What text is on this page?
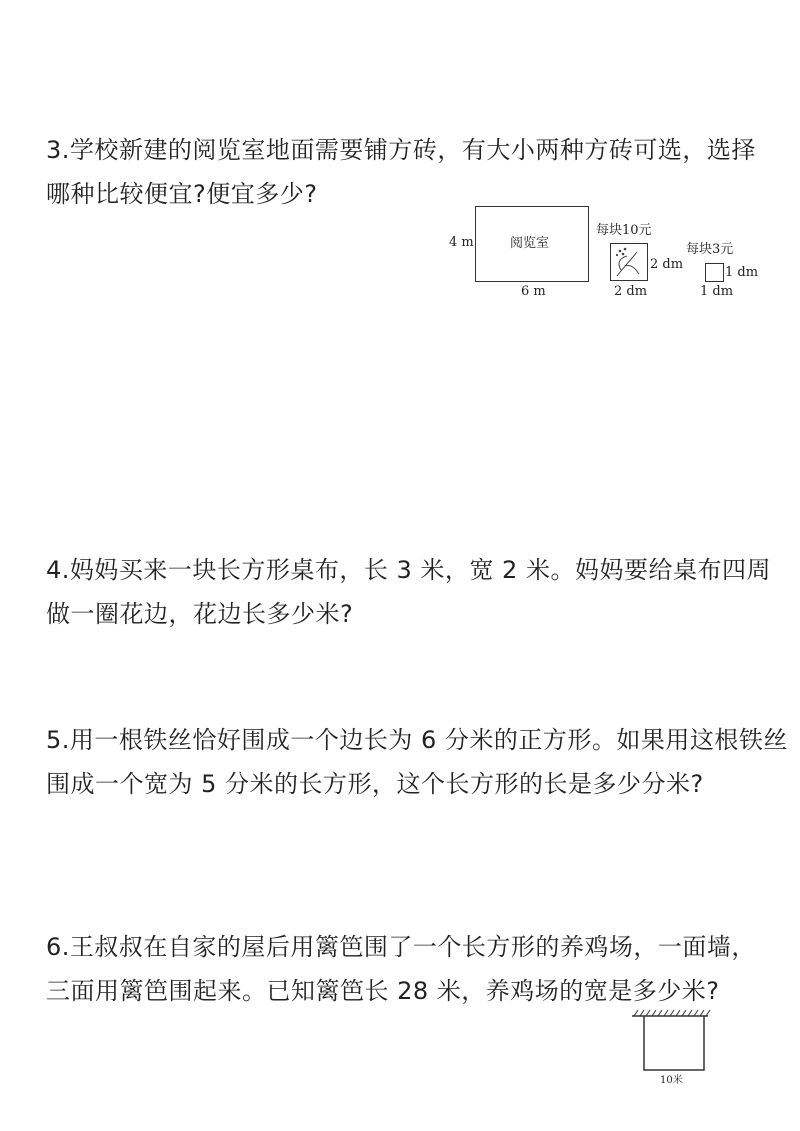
3.学校新建的阅览室地面需要铺方砖，有大小两种方砖可选，选择

哪种比较便宜?便宜多少?

阅览室
4 m
6 m
每块10元
2 dm
2 dm
每块3元
1 dm
1 dm

4.妈妈买来一块长方形桌布，长 3 米，宽 2 米。妈妈要给桌布四周

做一圈花边，花边长多少米?

5.用一根铁丝恰好围成一个边长为 6 分米的正方形。如果用这根铁丝

围成一个宽为 5 分米的长方形，这个长方形的长是多少分米?

6.王叔叔在自家的屋后用篱笆围了一个长方形的养鸡场，一面墙，

三面用篱笆围起来。已知篱笆长 28 米，养鸡场的宽是多少米?

10米
